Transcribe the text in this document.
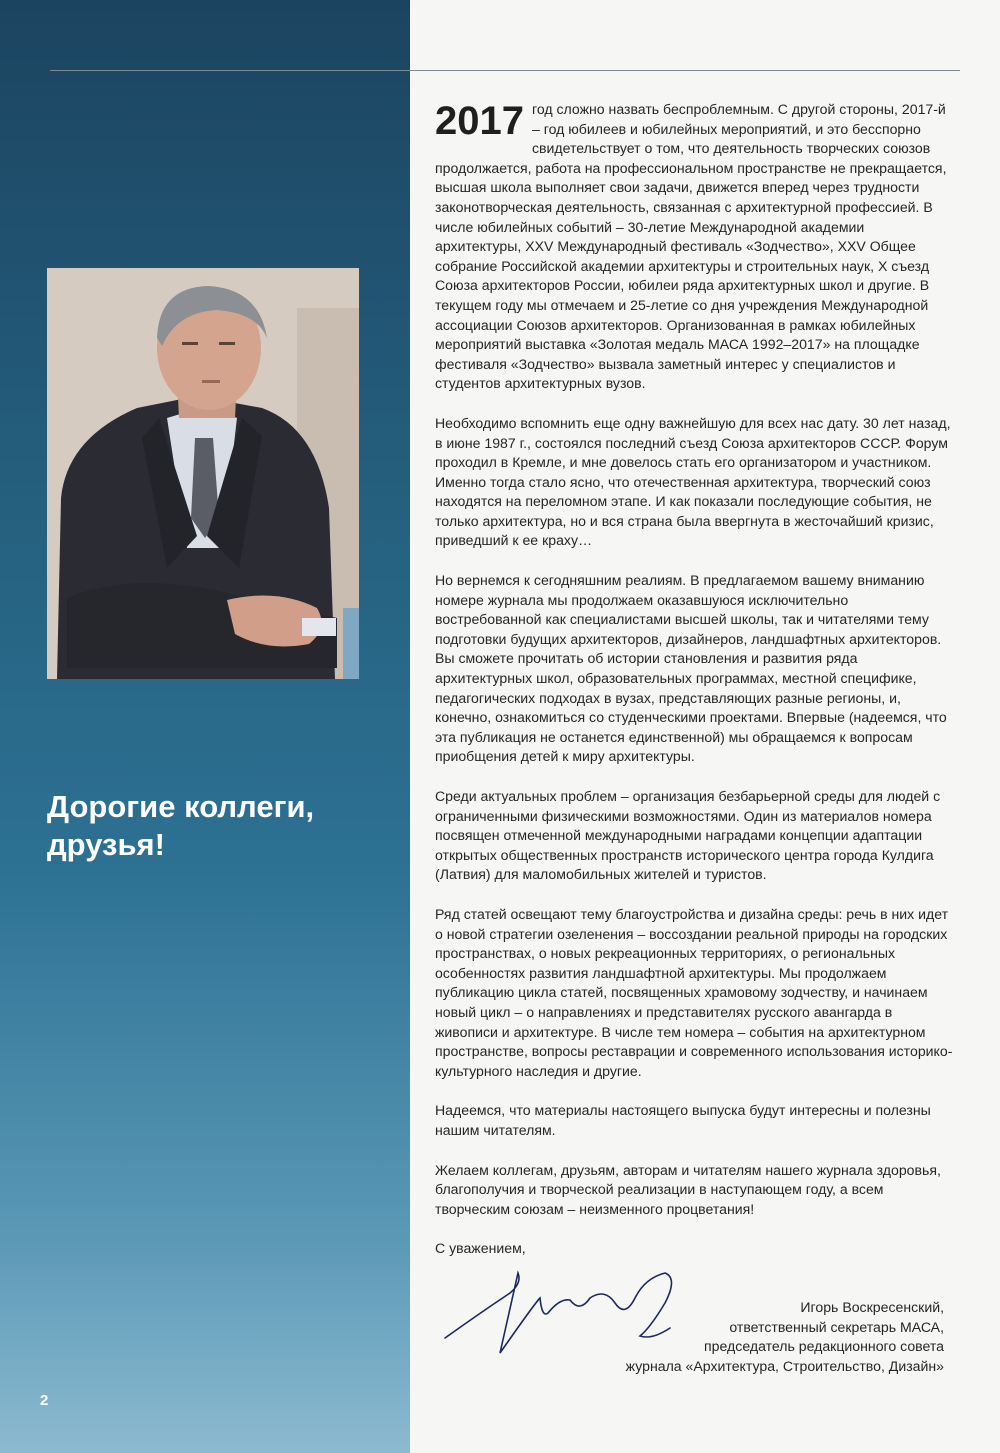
Дорогие коллеги,
друзья!

2017 год сложно назвать беспроблемным. С другой стороны, 2017-й – год юбилеев и юбилейных мероприятий, и это бесспорно свидетельствует о том, что деятельность творческих союзов продолжается, работа на профессиональном пространстве не прекращается, высшая школа выполняет свои задачи, движется вперед через трудности законотворческая деятельность, связанная с архитектурной профессией. В числе юбилейных событий – 30-летие Международной академии архитектуры, XXV Международный фестиваль «Зодчество», XXV Общее собрание Российской академии архитектуры и строительных наук, X съезд Союза архитекторов России, юбилеи ряда архитектурных школ и другие. В текущем году мы отмечаем и 25-летие со дня учреждения Международной ассоциации Союзов архитекторов. Организованная в рамках юбилейных мероприятий выставка «Золотая медаль МАСА 1992–2017» на площадке фестиваля «Зодчество» вызвала заметный интерес у специалистов и студентов архитектурных вузов.

Необходимо вспомнить еще одну важнейшую для всех нас дату. 30 лет назад, в июне 1987 г., состоялся последний съезд Союза архитекторов СССР. Форум проходил в Кремле, и мне довелось стать его организатором и участником. Именно тогда стало ясно, что отечественная архитектура, творческий союз находятся на переломном этапе. И как показали последующие события, не только архитектура, но и вся страна была ввергнута в жесточайший кризис, приведший к ее краху…

Но вернемся к сегодняшним реалиям. В предлагаемом вашему вниманию номере журнала мы продолжаем оказавшуюся исключительно востребованной как специалистами высшей школы, так и читателями тему подготовки будущих архитекторов, дизайнеров, ландшафтных архитекторов. Вы сможете прочитать об истории становления и развития ряда архитектурных школ, образовательных программах, местной специфике, педагогических подходах в вузах, представляющих разные регионы, и, конечно, ознакомиться со студенческими проектами. Впервые (надеемся, что эта публикация не останется единственной) мы обращаемся к вопросам приобщения детей к миру архитектуры.

Среди актуальных проблем – организация безбарьерной среды для людей с ограниченными физическими возможностями. Один из материалов номера посвящен отмеченной международными наградами концепции адаптации открытых общественных пространств исторического центра города Кулдига (Латвия) для маломобильных жителей и туристов.

Ряд статей освещают тему благоустройства и дизайна среды: речь в них идет о новой стратегии озеленения – воссоздании реальной природы на городских пространствах, о новых рекреационных территориях, о региональных особенностях развития ландшафтной архитектуры. Мы продолжаем публикацию цикла статей, посвященных храмовому зодчеству, и начинаем новый цикл – о направлениях и представителях русского авангарда в живописи и архитектуре. В числе тем номера – события на архитектурном пространстве, вопросы реставрации и современного использования историко-культурного наследия и другие.

Надеемся, что материалы настоящего выпуска будут интересны и полезны нашим читателям.

Желаем коллегам, друзьям, авторам и читателям нашего журнала здоровья, благополучия и творческой реализации в наступающем году, а всем творческим союзам – неизменного процветания!

С уважением,

Игорь Воскресенский,
ответственный секретарь МАСА,
председатель редакционного совета
журнала «Архитектура, Строительство, Дизайн»
2
